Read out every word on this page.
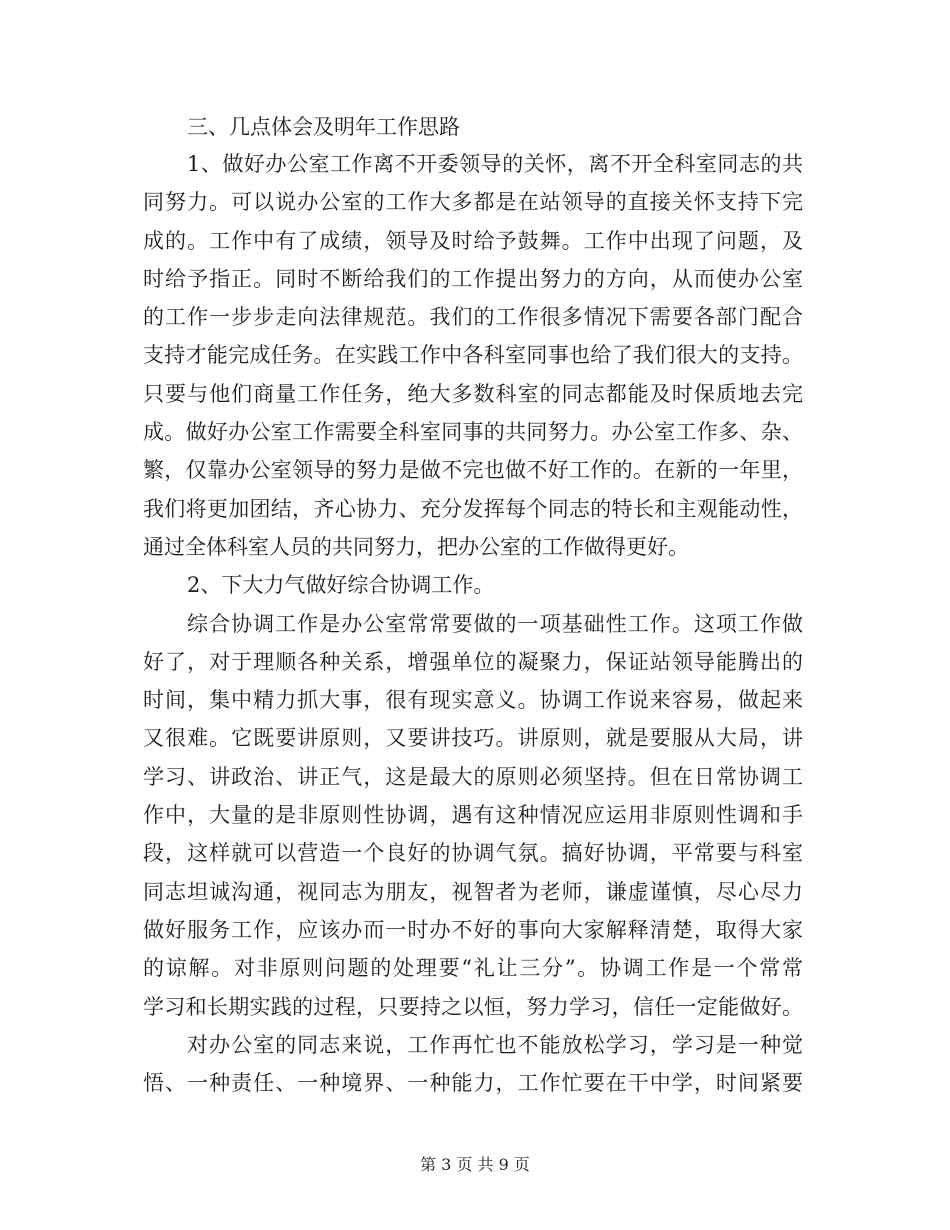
三、几点体会及明年工作思路
1、做好办公室工作离不开委领导的关怀，离不开全科室同志的共
同努力。可以说办公室的工作大多都是在站领导的直接关怀支持下完
成的。工作中有了成绩，领导及时给予鼓舞。工作中出现了问题，及
时给予指正。同时不断给我们的工作提出努力的方向，从而使办公室
的工作一步步走向法律规范。我们的工作很多情况下需要各部门配合
支持才能完成任务。在实践工作中各科室同事也给了我们很大的支持。
只要与他们商量工作任务，绝大多数科室的同志都能及时保质地去完
成。做好办公室工作需要全科室同事的共同努力。办公室工作多、杂、
繁，仅靠办公室领导的努力是做不完也做不好工作的。在新的一年里，
我们将更加团结，齐心协力、充分发挥每个同志的特长和主观能动性，
通过全体科室人员的共同努力，把办公室的工作做得更好。
2、下大力气做好综合协调工作。
综合协调工作是办公室常常要做的一项基础性工作。这项工作做
好了，对于理顺各种关系，增强单位的凝聚力，保证站领导能腾出的
时间，集中精力抓大事，很有现实意义。协调工作说来容易，做起来
又很难。它既要讲原则，又要讲技巧。讲原则，就是要服从大局，讲
学习、讲政治、讲正气，这是最大的原则必须坚持。但在日常协调工
作中，大量的是非原则性协调，遇有这种情况应运用非原则性调和手
段，这样就可以营造一个良好的协调气氛。搞好协调，平常要与科室
同志坦诚沟通，视同志为朋友，视智者为老师，谦虚谨慎，尽心尽力
做好服务工作，应该办而一时办不好的事向大家解释清楚，取得大家
的谅解。对非原则问题的处理要“礼让三分”。协调工作是一个常常
学习和长期实践的过程，只要持之以恒，努力学习，信任一定能做好。
对办公室的同志来说，工作再忙也不能放松学习，学习是一种觉
悟、一种责任、一种境界、一种能力，工作忙要在干中学，时间紧要
第 3 页 共 9 页
